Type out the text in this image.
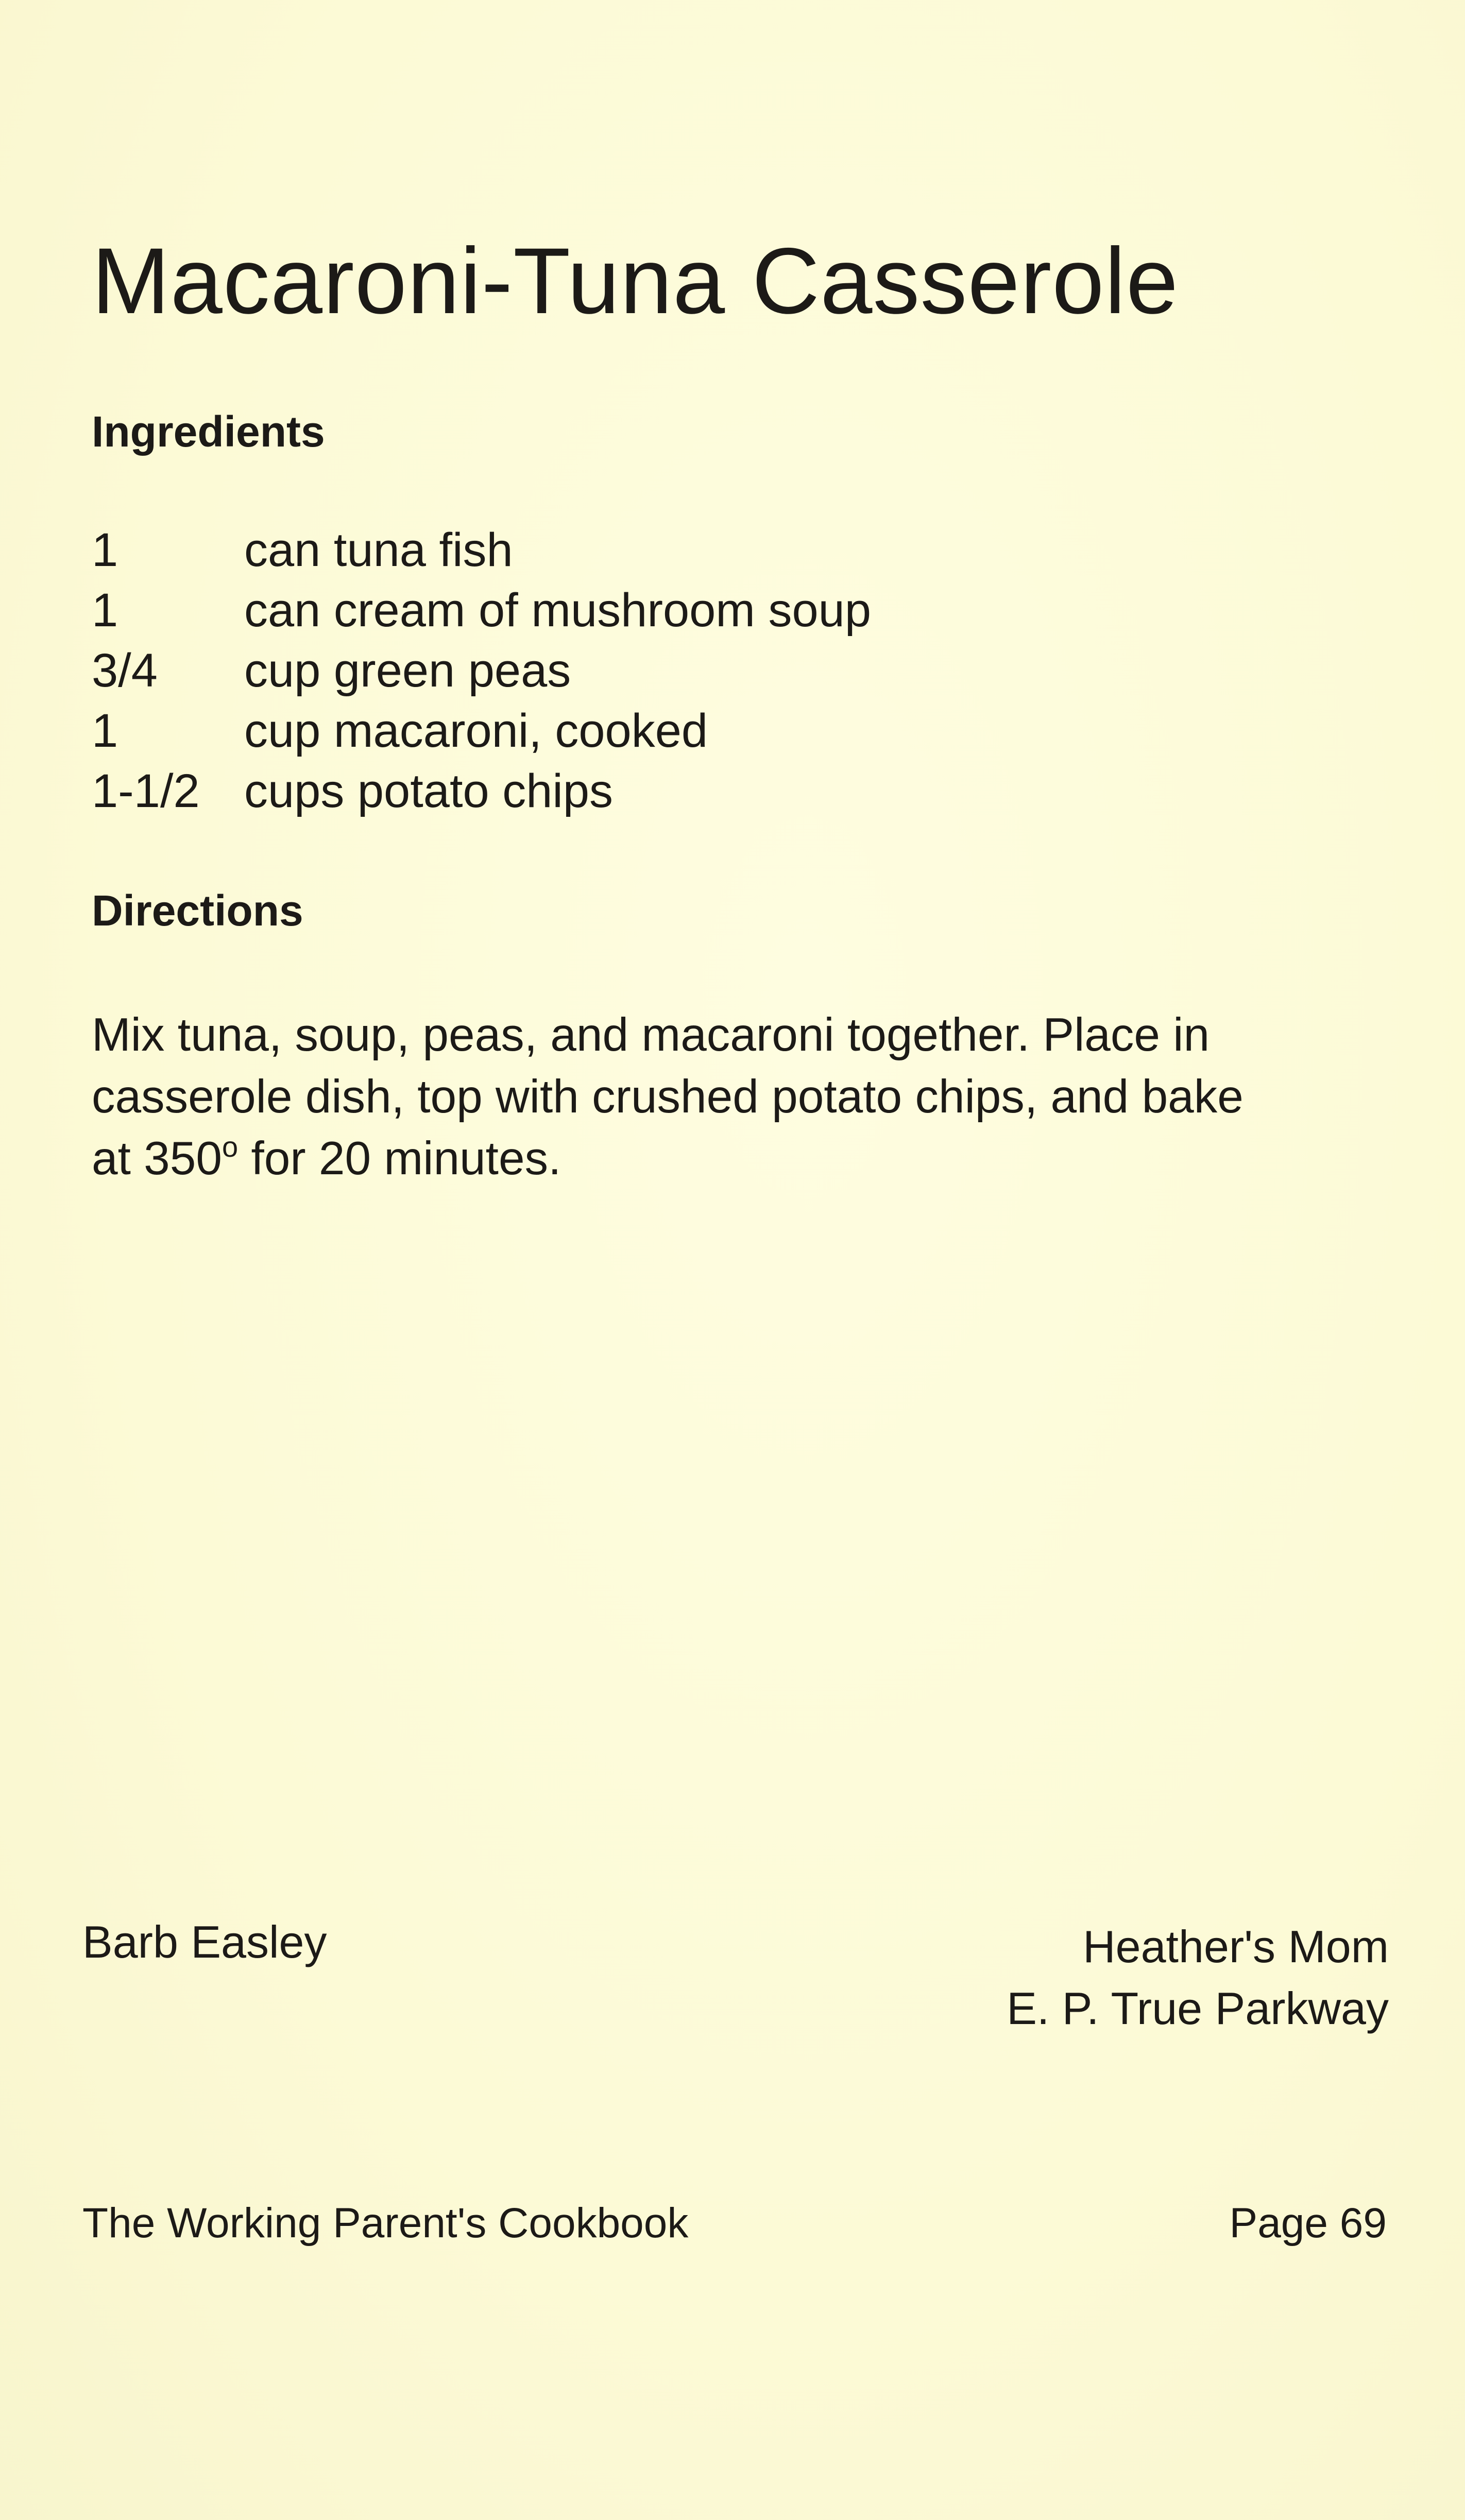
Macaroni-Tuna Casserole
Ingredients
1	can tuna fish
1	can cream of mushroom soup
3/4	cup green peas
1	cup macaroni, cooked
1-1/2 cups potato chips
Directions

Mix tuna, soup, peas, and macaroni together. Place in

casserole dish, top with crushed potato chips, and bake

at 350$^o$ for 20 minutes.

Barb Easley	Heather's Mom
E. P. True Parkway
The Working Parent's Cookbook	Page 69
